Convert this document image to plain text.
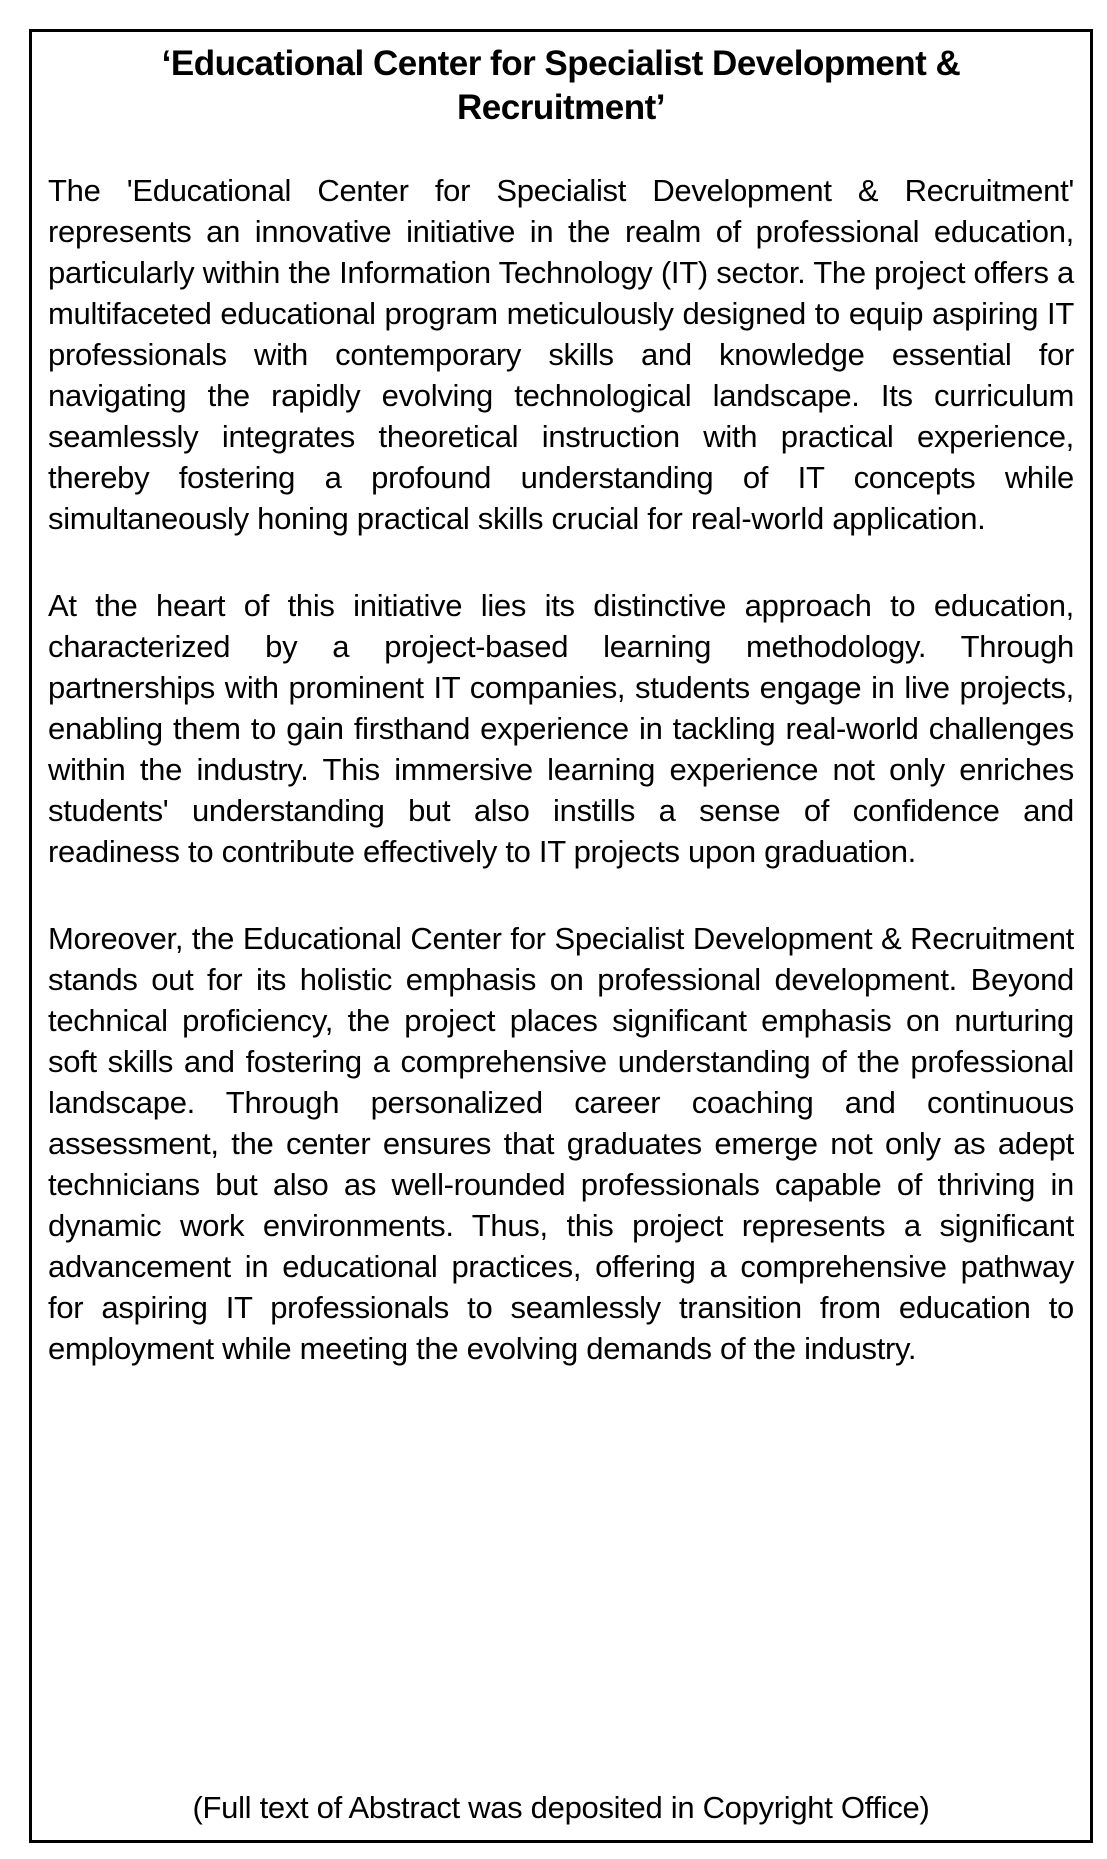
‘Educational Center for Specialist Development & Recruitment’

The 'Educational Center for Specialist Development & Recruitment' represents an innovative initiative in the realm of professional education, particularly within the Information Technology (IT) sector. The project offers a multifaceted educational program meticulously designed to equip aspiring IT professionals with contemporary skills and knowledge essential for navigating the rapidly evolving technological landscape. Its curriculum seamlessly integrates theoretical instruction with practical experience, thereby fostering a profound understanding of IT concepts while simultaneously honing practical skills crucial for real-world application.

At the heart of this initiative lies its distinctive approach to education, characterized by a project-based learning methodology. Through partnerships with prominent IT companies, students engage in live projects, enabling them to gain firsthand experience in tackling real-world challenges within the industry. This immersive learning experience not only enriches students' understanding but also instills a sense of confidence and readiness to contribute effectively to IT projects upon graduation.

Moreover, the Educational Center for Specialist Development & Recruitment stands out for its holistic emphasis on professional development. Beyond technical proficiency, the project places significant emphasis on nurturing soft skills and fostering a comprehensive understanding of the professional landscape. Through personalized career coaching and continuous assessment, the center ensures that graduates emerge not only as adept technicians but also as well-rounded professionals capable of thriving in dynamic work environments. Thus, this project represents a significant advancement in educational practices, offering a comprehensive pathway for aspiring IT professionals to seamlessly transition from education to employment while meeting the evolving demands of the industry.

(Full text of Abstract was deposited in Copyright Office)
